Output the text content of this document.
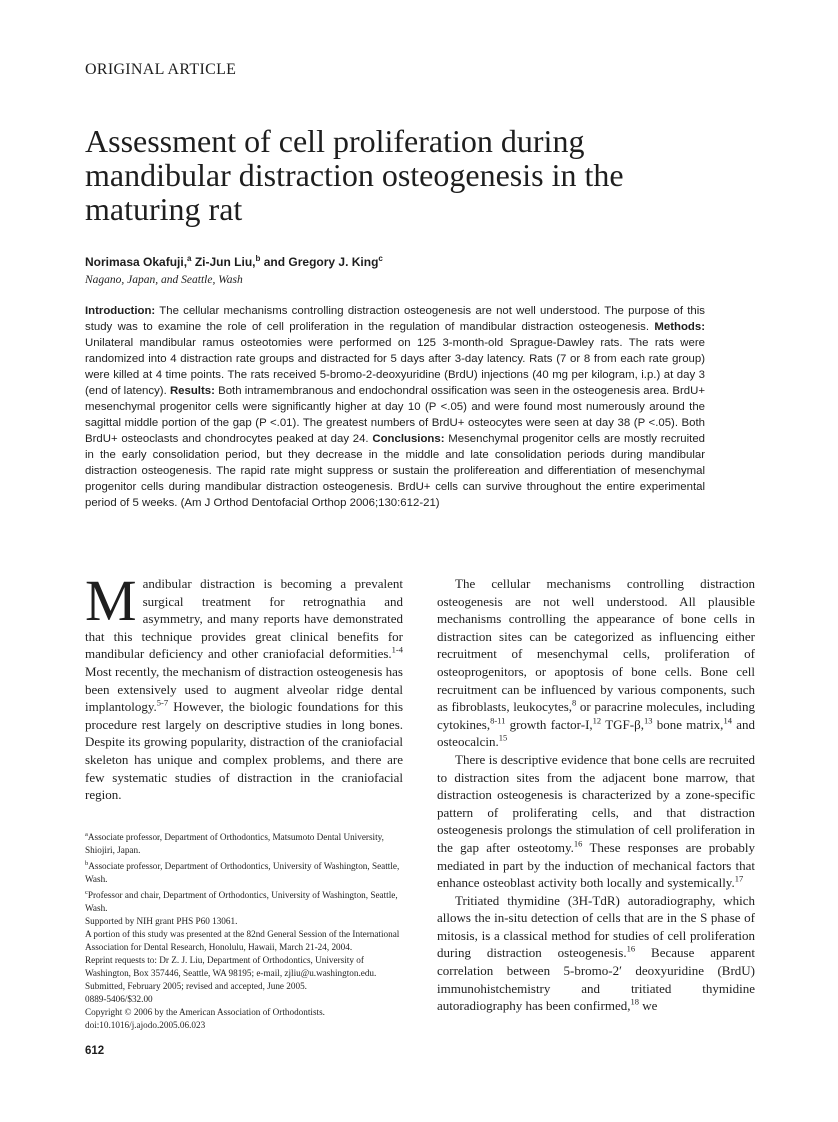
ORIGINAL ARTICLE
Assessment of cell proliferation during mandibular distraction osteogenesis in the maturing rat
Norimasa Okafuji,$^a$ Zi-Jun Liu,$^b$ and Gregory J. King$^c$
Nagano, Japan, and Seattle, Wash

Introduction: The cellular mechanisms controlling distraction osteogenesis are not well understood. The purpose of this study was to examine the role of cell proliferation in the regulation of mandibular distraction osteogenesis. Methods: Unilateral mandibular ramus osteotomies were performed on 125 3-month-old Sprague-Dawley rats. The rats were randomized into 4 distraction rate groups and distracted for 5 days after 3-day latency. Rats (7 or 8 from each rate group) were killed at 4 time points. The rats received 5-bromo-2-deoxyuridine (BrdU) injections (40 mg per kilogram, i.p.) at day 3 (end of latency). Results: Both intramembranous and endochondral ossification was seen in the osteogenesis area. BrdU+ mesenchymal progenitor cells were significantly higher at day 10 (P <.05) and were found most numerously around the sagittal middle portion of the gap (P <.01). The greatest numbers of BrdU+ osteocytes were seen at day 38 (P <.05). Both BrdU+ osteoclasts and chondrocytes peaked at day 24. Conclusions: Mesenchymal progenitor cells are mostly recruited in the early consolidation period, but they decrease in the middle and late consolidation periods during mandibular distraction osteogenesis. The rapid rate might suppress or sustain the prolifereation and differentiation of mesenchymal progenitor cells during mandibular distraction osteogenesis. BrdU+ cells can survive throughout the entire experimental period of 5 weeks. (Am J Orthod Dentofacial Orthop 2006;130:612-21)

Mandibular distraction is becoming a prevalent surgical treatment for retrognathia and asymmetry, and many reports have demonstrated that this technique provides great clinical benefits for mandibular deficiency and other craniofacial deformities.$^{1-4}$ Most recently, the mechanism of distraction osteogenesis has been extensively used to augment alveolar ridge dental implantology.$^{5-7}$ However, the biologic foundations for this procedure rest largely on descriptive studies in long bones. Despite its growing popularity, distraction of the craniofacial skeleton has unique and complex problems, and there are few systematic studies of distraction in the craniofacial region.

$^a$Associate professor, Department of Orthodontics, Matsumoto Dental University, Shiojiri, Japan.

$^b$Associate professor, Department of Orthodontics, University of Washington, Seattle, Wash.

$^c$Professor and chair, Department of Orthodontics, University of Washington, Seattle, Wash.

Supported by NIH grant PHS P60 13061.

A portion of this study was presented at the 82nd General Session of the International Association for Dental Research, Honolulu, Hawaii, March 21-24, 2004.

Reprint requests to: Dr Z. J. Liu, Department of Orthodontics, University of Washington, Box 357446, Seattle, WA 98195; e-mail, zjliu@u.washington.edu.

Submitted, February 2005; revised and accepted, June 2005.

0889-5406/$32.00

Copyright © 2006 by the American Association of Orthodontists.

doi:10.1016/j.ajodo.2005.06.023

The cellular mechanisms controlling distraction osteogenesis are not well understood. All plausible mechanisms controlling the appearance of bone cells in distraction sites can be categorized as influencing either recruitment of mesenchymal cells, proliferation of osteoprogenitors, or apoptosis of bone cells. Bone cell recruitment can be influenced by various components, such as fibroblasts, leukocytes,$^8$ or paracrine molecules, including cytokines,$^{8-11}$ growth factor-I,$^{12}$ TGF-β,$^{13}$ bone matrix,$^{14}$ and osteocalcin.$^{15}$

There is descriptive evidence that bone cells are recruited to distraction sites from the adjacent bone marrow, that distraction osteogenesis is characterized by a zone-specific pattern of proliferating cells, and that distraction osteogenesis prolongs the stimulation of cell proliferation in the gap after osteotomy.$^{16}$ These responses are probably mediated in part by the induction of mechanical factors that enhance osteoblast activity both locally and systemically.$^{17}$

Tritiated thymidine (3H-TdR) autoradiography, which allows the in-situ detection of cells that are in the S phase of mitosis, is a classical method for studies of cell proliferation during distraction osteogenesis.$^{16}$ Because apparent correlation between 5-bromo-2′ deoxyuridine (BrdU) immunohistchemistry and tritiated thymidine autoradiography has been confirmed,$^{18}$ we

612
